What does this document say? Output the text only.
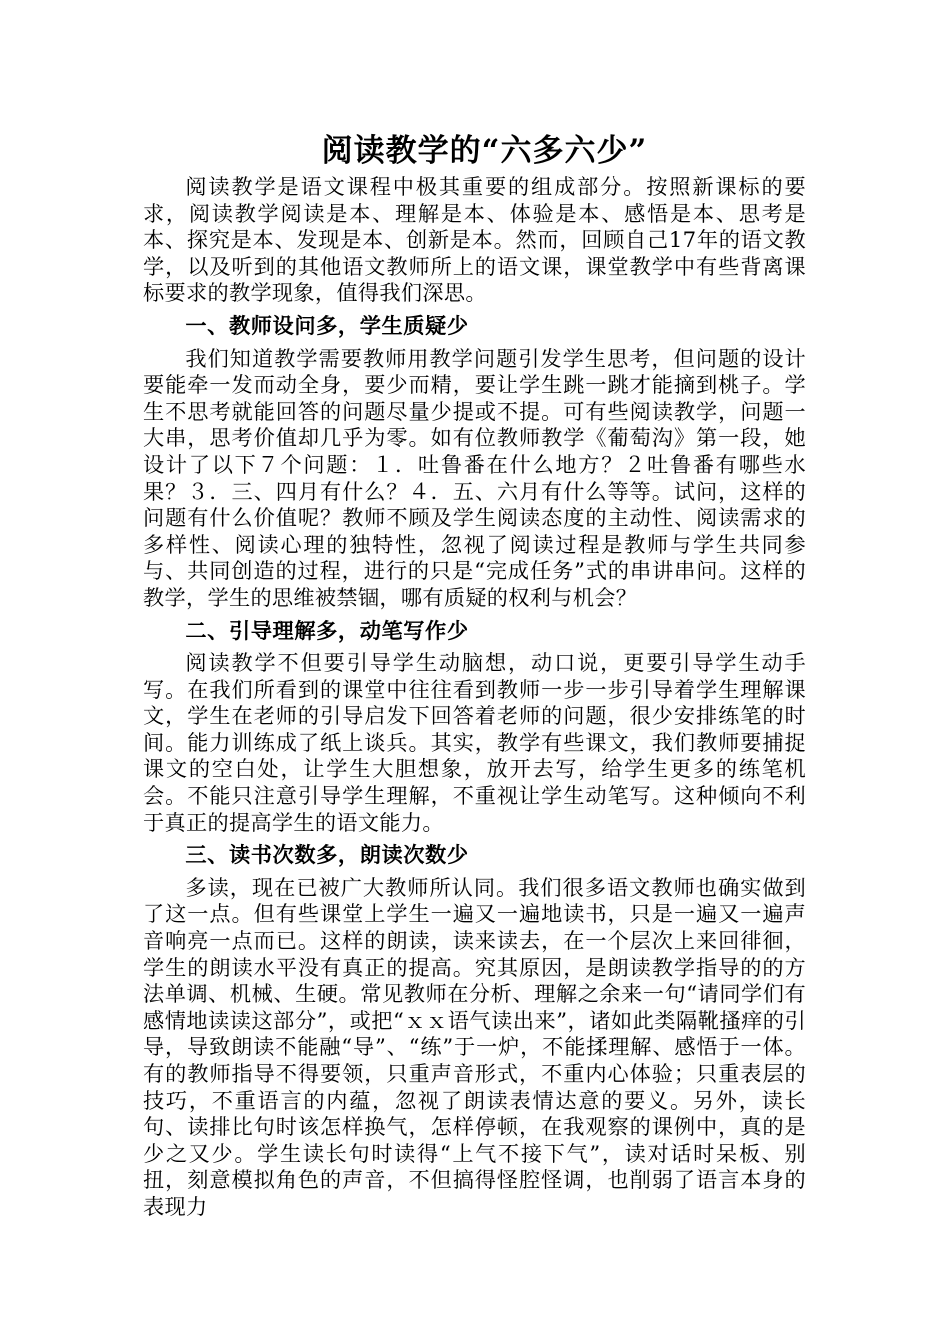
阅读教学的“六多六少”

阅读教学是语文课程中极其重要的组成部分。按照新课标的要求，阅读教学阅读是本、理解是本、体验是本、感悟是本、思考是本、探究是本、发现是本、创新是本。然而，回顾自己17年的语文教学，以及听到的其他语文教师所上的语文课，课堂教学中有些背离课标要求的教学现象，值得我们深思。

一、教师设问多，学生质疑少

我们知道教学需要教师用教学问题引发学生思考，但问题的设计要能牵一发而动全身，要少而精，要让学生跳一跳才能摘到桃子。学生不思考就能回答的问题尽量少提或不提。可有些阅读教学，问题一大串，思考价值却几乎为零。如有位教师教学《葡萄沟》第一段，她设计了以下７个问题：１．吐鲁番在什么地方？２吐鲁番有哪些水果？３．三、四月有什么？４．五、六月有什么等等。试问，这样的问题有什么价值呢？教师不顾及学生阅读态度的主动性、阅读需求的多样性、阅读心理的独特性，忽视了阅读过程是教师与学生共同参与、共同创造的过程，进行的只是“完成任务”式的串讲串问。这样的教学，学生的思维被禁锢，哪有质疑的权利与机会？

二、引导理解多，动笔写作少

阅读教学不但要引导学生动脑想，动口说，更要引导学生动手写。在我们所看到的课堂中往往看到教师一步一步引导着学生理解课文，学生在老师的引导启发下回答着老师的问题，很少安排练笔的时间。能力训练成了纸上谈兵。其实，教学有些课文，我们教师要捕捉课文的空白处，让学生大胆想象，放开去写，给学生更多的练笔机会。不能只注意引导学生理解，不重视让学生动笔写。这种倾向不利于真正的提高学生的语文能力。

三、读书次数多，朗读次数少

多读，现在已被广大教师所认同。我们很多语文教师也确实做到了这一点。但有些课堂上学生一遍又一遍地读书，只是一遍又一遍声音响亮一点而已。这样的朗读，读来读去，在一个层次上来回徘徊，学生的朗读水平没有真正的提高。究其原因，是朗读教学指导的的方法单调、机械、生硬。常见教师在分析、理解之余来一句“请同学们有感情地读读这部分”，或把“ｘｘ语气读出来”，诸如此类隔靴搔痒的引导，导致朗读不能融“导”、“练”于一炉，不能揉理解、感悟于一体。有的教师指导不得要领，只重声音形式，不重内心体验；只重表层的技巧，不重语言的内蕴，忽视了朗读表情达意的要义。另外，读长句、读排比句时该怎样换气，怎样停顿，在我观察的课例中，真的是少之又少。学生读长句时读得“上气不接下气”，读对话时呆板、别扭，刻意模拟角色的声音，不但搞得怪腔怪调，也削弱了语言本身的表现力
